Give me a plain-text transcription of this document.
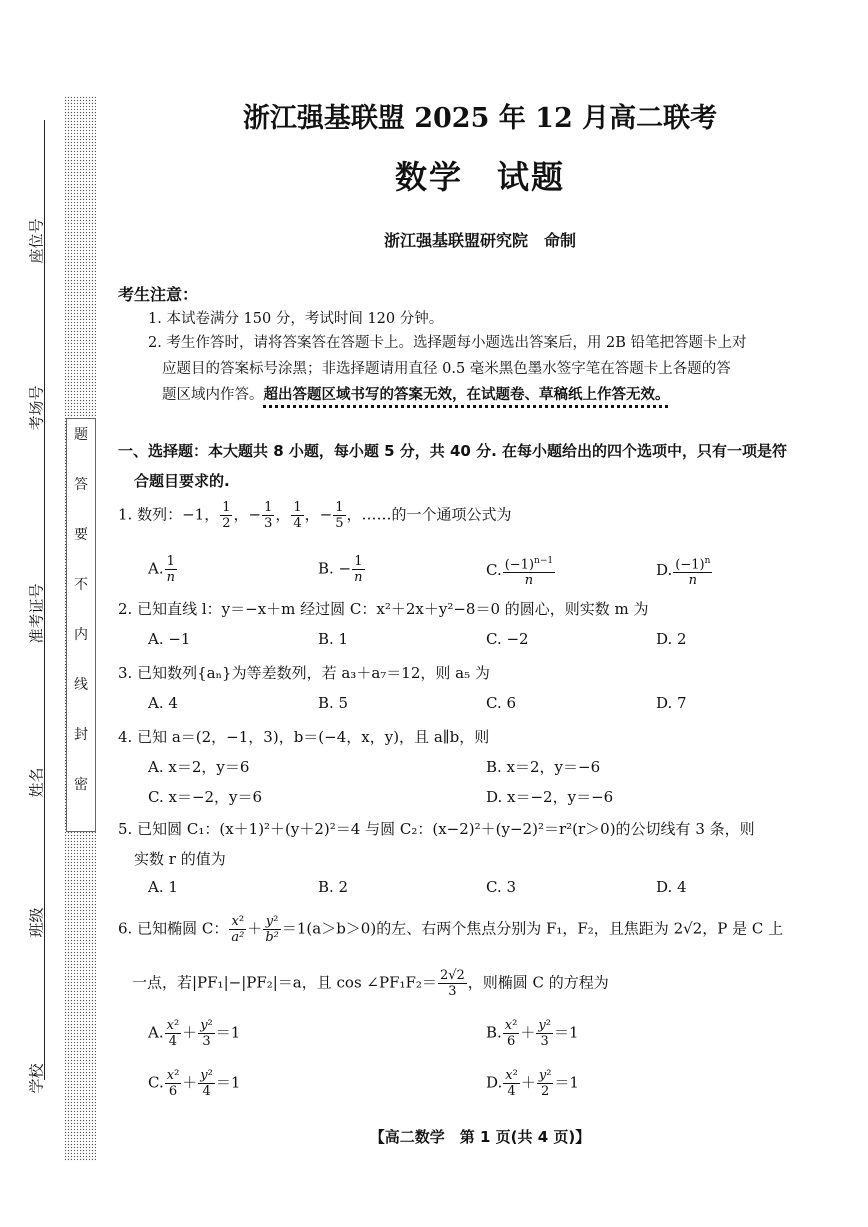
座位号
考场号
准考证号
姓名
班级
学校
题
答
要
不
内
线
封
密
浙江强基联盟 2025 年 12 月高二联考
数学　试题
浙江强基联盟研究院　命制
考生注意：
1. 本试卷满分 150 分，考试时间 120 分钟。
2. 考生作答时，请将答案答在答题卡上。选择题每小题选出答案后，用 2B 铅笔把答题卡上对
应题目的答案标号涂黑；非选择题请用直径 0.5 毫米黑色墨水签字笔在答题卡上各题的答
题区域内作答。超出答题区域书写的答案无效，在试题卷、草稿纸上作答无效。
一、选择题：本大题共 8 小题，每小题 5 分，共 40 分. 在每小题给出的四个选项中，只有一项是符
合题目要求的.
1. 数列：−1， $\frac{1}{2}$ ，− $\frac{1}{3}$ ， $\frac{1}{4}$ ，− $\frac{1}{5}$ ，……的一个通项公式为
A. $\frac{1}{n}$	B. − $\frac{1}{n}$	C. $\frac{(-1)^{n-1}}{n}$	D. $\frac{(-1)^n}{n}$
2. 已知直线 l：y＝−x＋m 经过圆 C：x²＋2x＋y²−8＝0 的圆心，则实数 m 为
A. −1	B. 1	C. −2	D. 2
3. 已知数列{aₙ}为等差数列，若 a₃＋a₇＝12，则 a₅ 为
A. 4	B. 5	C. 6	D. 7
4. 已知 a＝(2，−1，3)，b＝(−4，x，y)，且 a∥b，则
A. x＝2，y＝6	B. x＝2，y＝−6
C. x＝−2，y＝6	D. x＝−2，y＝−6
5. 已知圆 C₁：(x＋1)²＋(y＋2)²＝4 与圆 C₂：(x−2)²＋(y−2)²＝r²(r＞0)的公切线有 3 条，则
实数 r 的值为
A. 1	B. 2	C. 3	D. 4
6. 已知椭圆 C： $\frac{\text{x²}}{\text{a²}} + \frac{\text{y²}}{\text{b²}} =1(a>b>0)$的左、右两个焦点分别为 F₁，F₂，且焦距为 2√2，P 是 C 上
一点，若|PF₁|−|PF₂|＝a，且 cos ∠PF₁F₂＝ $\frac{2√2}{3}$ ，则椭圆 C 的方程为
A. $\frac{\text{x²}}{4} + \frac{\text{y²}}{3} =1$	B. $\frac{\text{x²}}{6} + \frac{\text{y²}}{3} =1$
C. $\frac{\text{x²}}{6} + \frac{\text{y²}}{4} =1$	D. $\frac{\text{x²}}{4} + \frac{\text{y²}}{2} =1$
【高二数学　第 1 页(共 4 页)】
